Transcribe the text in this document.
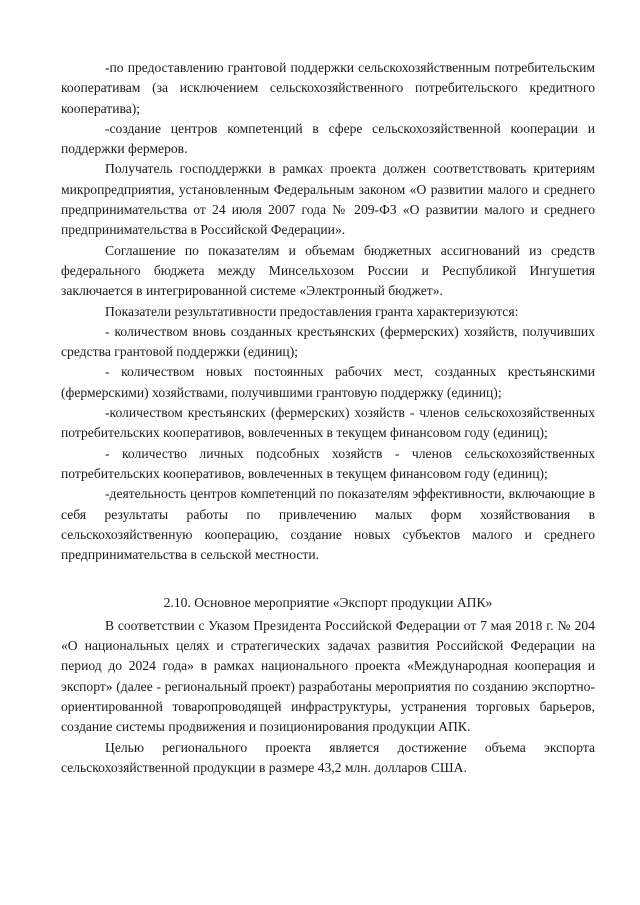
-по предоставлению грантовой поддержки сельскохозяйственным потребительским кооперативам (за исключением сельскохозяйственного потребительского кредитного кооператива);

-создание центров компетенций в сфере сельскохозяйственной кооперации и поддержки фермеров.

Получатель господдержки в рамках проекта должен соответствовать критериям микропредприятия, установленным Федеральным законом «О развитии малого и среднего предпринимательства от 24 июля 2007 года № 209-ФЗ «О развитии малого и среднего предпринимательства в Российской Федерации».

Соглашение по показателям и объемам бюджетных ассигнований из средств федерального бюджета между Минсельхозом России и Республикой Ингушетия заключается в интегрированной системе «Электронный бюджет».

Показатели результативности предоставления гранта характеризуются:

- количеством вновь созданных крестьянских (фермерских) хозяйств, получивших средства грантовой поддержки (единиц);

- количеством новых постоянных рабочих мест, созданных крестьянскими (фермерскими) хозяйствами, получившими грантовую поддержку (единиц);

-количеством крестьянских (фермерских) хозяйств - членов сельскохозяйственных потребительских кооперативов, вовлеченных в текущем финансовом году (единиц);

- количество личных подсобных хозяйств - членов сельскохозяйственных потребительских кооперативов, вовлеченных в текущем финансовом году (единиц);

-деятельность центров компетенций по показателям эффективности, включающие в себя результаты работы по привлечению малых форм хозяйствования в сельскохозяйственную кооперацию, создание новых субъектов малого и среднего предпринимательства в сельской местности.

2.10. Основное мероприятие «Экспорт продукции АПК»

В соответствии с Указом Президента Российской Федерации от 7 мая 2018 г. № 204 «О национальных целях и стратегических задачах развития Российской Федерации на период до 2024 года» в рамках национального проекта «Международная кооперация и экспорт» (далее - региональный проект) разработаны мероприятия по созданию экспортно-ориентированной товаропроводящей инфраструктуры, устранения торговых барьеров, создание системы продвижения и позиционирования продукции АПК.

Целью регионального проекта является достижение объема экспорта сельскохозяйственной продукции в размере 43,2 млн. долларов США.
